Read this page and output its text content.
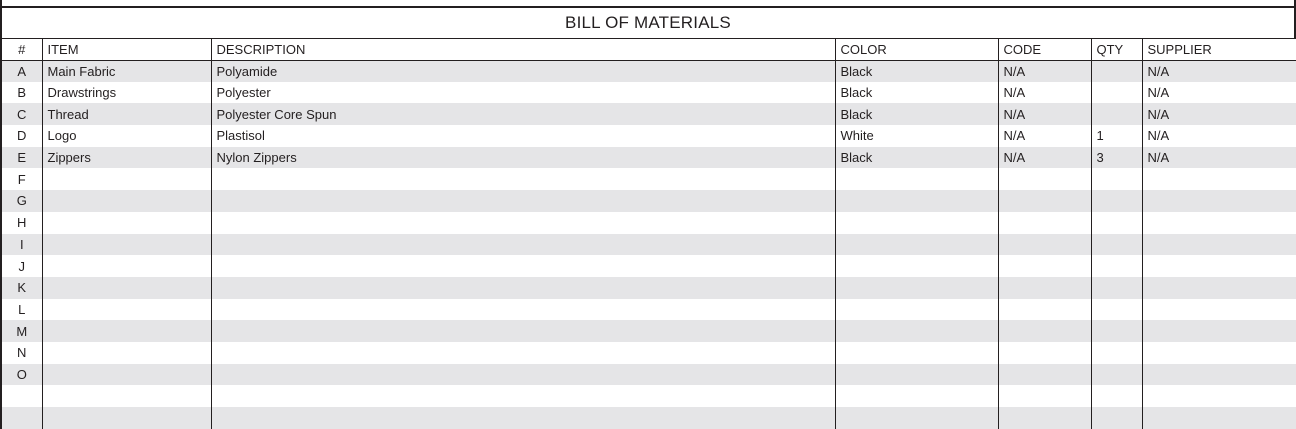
BILL OF MATERIALS
#	ITEM	DESCRIPTION	COLOR	CODE	QTY	SUPPLIER
A	Main Fabric	Polyamide	Black	N/A		N/A
B	Drawstrings	Polyester	Black	N/A		N/A
C	Thread	Polyester Core Spun	Black	N/A		N/A
D	Logo	Plastisol	White	N/A	1	N/A
E	Zippers	Nylon Zippers	Black	N/A	3	N/A
F						
G						
H						
I						
J						
K						
L						
M						
N						
O						
